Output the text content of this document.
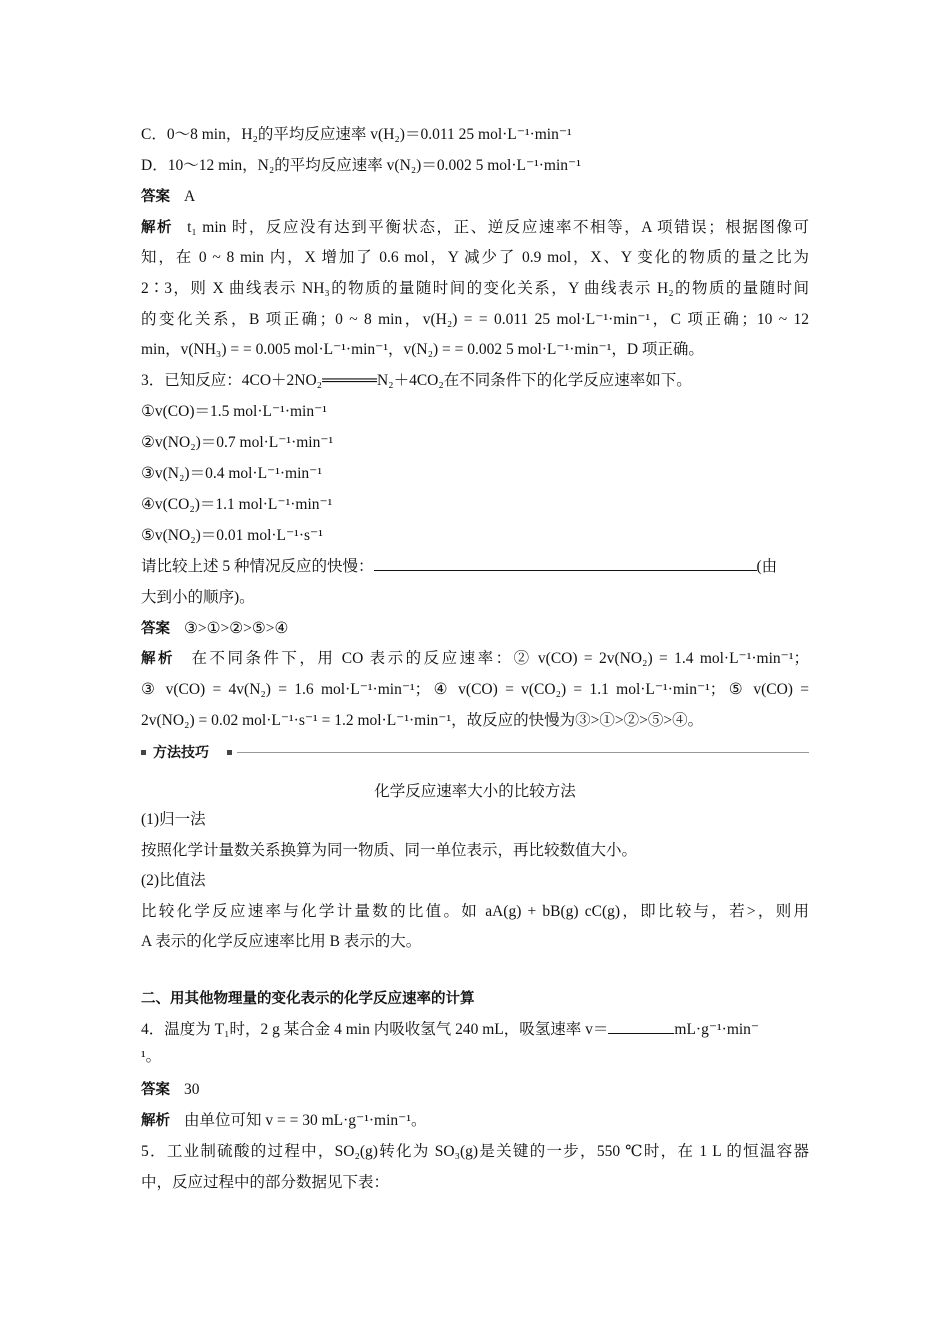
C．0～8 min，H₂的平均反应速率 v(H₂)＝0.011 25 mol·L⁻¹·min⁻¹
D．10～12 min，N₂的平均反应速率 v(N₂)＝0.002 5 mol·L⁻¹·min⁻¹
答案 A
解析 t₁ min 时，反应没有达到平衡状态，正、逆反应速率不相等，A 项错误；根据图像可
知，在 0 ~ 8 min 内，X 增加了 0.6 mol，Y 减少了 0.9 mol，X、Y 变化的物质的量之比为
2∶3，则 X 曲线表示 NH₃的物质的量随时间的变化关系，Y 曲线表示 H₂的物质的量随时间
的变化关系，B 项正确；0 ~ 8 min，v(H₂) = = 0.011 25 mol·L⁻¹·min⁻¹，C 项正确；10 ~ 12
min，v(NH₃) = = 0.005 mol·L⁻¹·min⁻¹，v(N₂) = = 0.002 5 mol·L⁻¹·min⁻¹，D 项正确。
3．已知反应：4CO＋2NO₂═════N₂＋4CO₂在不同条件下的化学反应速率如下。
①v(CO)＝1.5 mol·L⁻¹·min⁻¹
②v(NO₂)＝0.7 mol·L⁻¹·min⁻¹
③v(N₂)＝0.4 mol·L⁻¹·min⁻¹
④v(CO₂)＝1.1 mol·L⁻¹·min⁻¹
⑤v(NO₂)＝0.01 mol·L⁻¹·s⁻¹
请比较上述 5 种情况反应的快慢：	(由
大到小的顺序)。
答案 ③>①>②>⑤>④
解析 在不同条件下，用 CO 表示的反应速率：② v(CO) = 2v(NO₂) = 1.4 mol·L⁻¹·min⁻¹；
③ v(CO) = 4v(N₂) = 1.6 mol·L⁻¹·min⁻¹；④ v(CO) = v(CO₂) = 1.1 mol·L⁻¹·min⁻¹；⑤ v(CO) =
2v(NO₂) = 0.02 mol·L⁻¹·s⁻¹ = 1.2 mol·L⁻¹·min⁻¹，故反应的快慢为③>①>②>⑤>④。
方法技巧
化学反应速率大小的比较方法
(1)归一法
按照化学计量数关系换算为同一物质、同一单位表示，再比较数值大小。
(2)比值法
比较化学反应速率与化学计量数的比值。如 aA(g) + bB(g) cC(g)，即比较与，若>，则用
A 表示的化学反应速率比用 B 表示的大。
二、用其他物理量的变化表示的化学反应速率的计算
4．温度为 T₁时，2 g 某合金 4 min 内吸收氢气 240 mL，吸氢速率 v＝	mL·g⁻¹·min⁻
¹。
答案 30
解析 由单位可知 v = = 30 mL·g⁻¹·min⁻¹。
5．工业制硫酸的过程中，SO₂(g)转化为 SO₃(g)是关键的一步，550 ℃时，在 1 L 的恒温容器
中，反应过程中的部分数据见下表：
